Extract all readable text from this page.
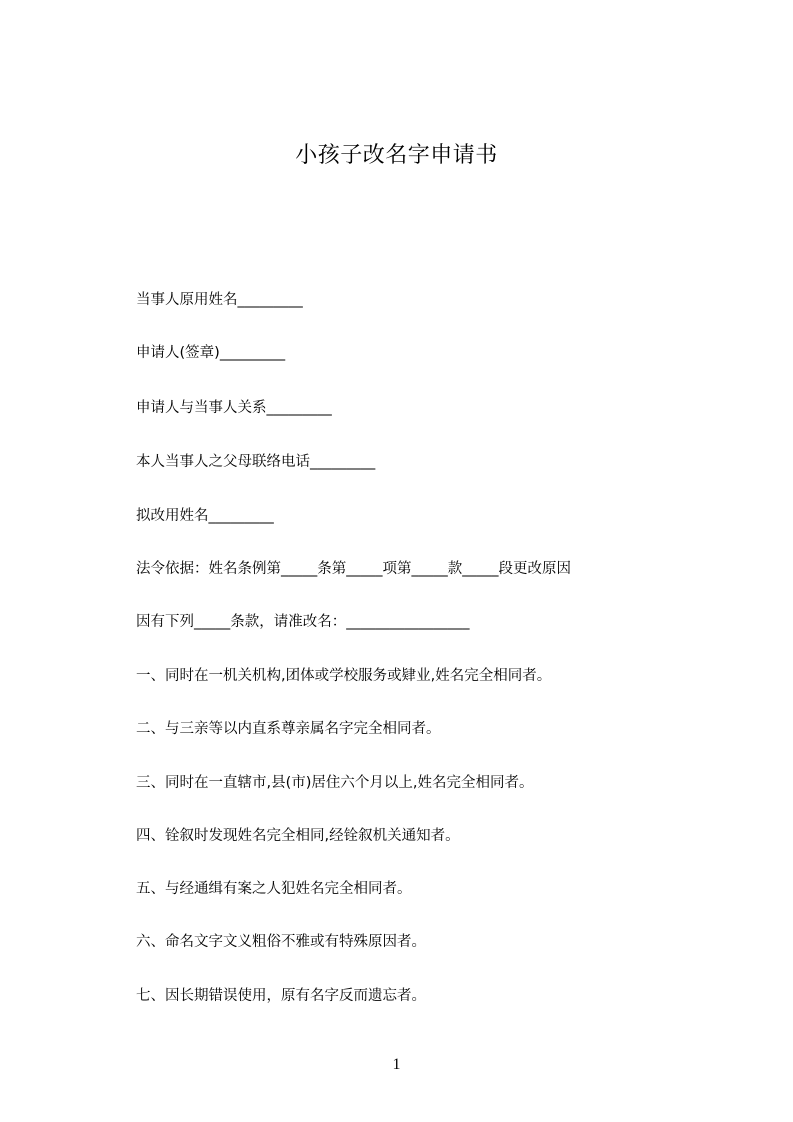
小孩子改名字申请书
当事人原用姓名_________
申请人(签章)_________
申请人与当事人关系_________
本人当事人之父母联络电话_________
拟改用姓名_________
法令依据：姓名条例第_____条第_____项第_____款_____段更改原因
因有下列_____条款，请准改名：_________________
一、同时在一机关机构,团体或学校服务或肄业,姓名完全相同者。
二、与三亲等以内直系尊亲属名字完全相同者。
三、同时在一直辖市,县(市)居住六个月以上,姓名完全相同者。
四、铨叙时发现姓名完全相同,经铨叙机关通知者。
五、与经通缉有案之人犯姓名完全相同者。
六、命名文字文义粗俗不雅或有特殊原因者。
七、因长期错误使用，原有名字反而遗忘者。
1
